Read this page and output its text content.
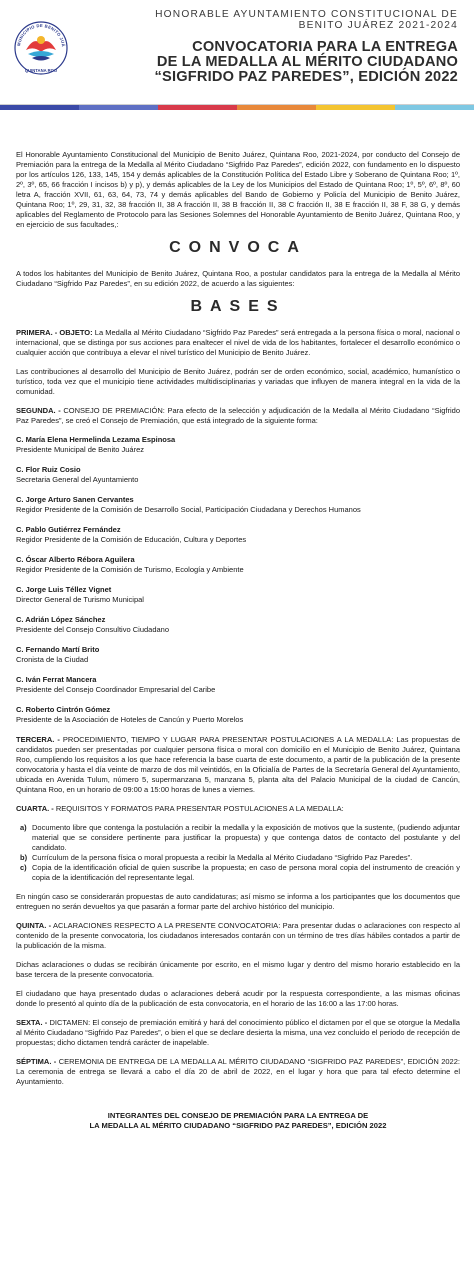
MUNICIPIO DE BENITO JUÁ
QUINTANA ROO
HONORABLE AYUNTAMIENTO CONSTITUCIONAL DE
BENITO JUÁREZ 2021-2024
CONVOCATORIA PARA LA ENTREGA
DE LA MEDALLA AL MÉRITO CIUDADANO
“SIGFRIDO PAZ PAREDES”, EDICIÓN 2022

El Honorable Ayuntamiento Constitucional del Municipio de Benito Juárez, Quintana Roo, 2021-2024, por conducto del Consejo de Premiación para la entrega de la Medalla al Mérito Ciudadano “Sigfrido Paz Paredes”, edición 2022, con fundamento en lo dispuesto por los artículos 126, 133, 145, 154 y demás aplicables de la Constitución Política del Estado Libre y Soberano de Quintana Roo; 1º, 2º, 3º, 65, 66 fracción I incisos b) y p), y demás aplicables de la Ley de los Municipios del Estado de Quintana Roo; 1º, 5º, 6º, 8º, 60 letra A, fracción XVII, 61, 63, 64, 73, 74 y demás aplicables del Bando de Gobierno y Policía del Municipio de Benito Juárez, Quintana Roo; 1º, 29, 31, 32, 38 fracción II, 38 A fracción II, 38 B fracción II, 38 C fracción II, 38 E fracción II, 38 F, 38 G, y demás aplicables del Reglamento de Protocolo para las Sesiones Solemnes del Honorable Ayuntamiento de Benito Juárez, Quintana Roo, y en ejercicio de sus facultades,:

CONVOCA

A todos los habitantes del Municipio de Benito Juárez, Quintana Roo, a postular candidatos para la entrega de la Medalla al Mérito Ciudadano “Sigfrido Paz Paredes”, en su edición 2022, de acuerdo a las siguientes:

BASES

PRIMERA. - OBJETO: La Medalla al Mérito Ciudadano “Sigfrido Paz Paredes” será entregada a la persona física o moral, nacional o internacional, que se distinga por sus acciones para enaltecer el nivel de vida de los habitantes, fortalecer el desarrollo económico o cualquier acción que contribuya a elevar el nivel turístico del Municipio de Benito Juárez.

Las contribuciones al desarrollo del Municipio de Benito Juárez, podrán ser de orden económico, social, académico, humanístico o turístico, toda vez que el municipio tiene actividades multidisciplinarias y variadas que influyen de manera integral en la vida de la comunidad.

SEGUNDA. - CONSEJO DE PREMIACIÓN: Para efecto de la selección y adjudicación de la Medalla al Mérito Ciudadano “Sigfrido Paz Paredes”, se creó el Consejo de Premiación, que está integrado de la siguiente forma:

C. María Elena Hermelinda Lezama Espinosa
Presidente Municipal de Benito Juárez
C. Flor Ruiz Cosio
Secretaria General del Ayuntamiento
C. Jorge Arturo Sanen Cervantes
Regidor Presidente de la Comisión de Desarrollo Social, Participación Ciudadana y Derechos Humanos
C. Pablo Gutiérrez Fernández
Regidor Presidente de la Comisión de Educación, Cultura y Deportes
C. Óscar Alberto Rébora Aguilera
Regidor Presidente de la Comisión de Turismo, Ecología y Ambiente
C. Jorge Luis Téllez Vignet
Director General de Turismo Municipal
C. Adrián López Sánchez
Presidente del Consejo Consultivo Ciudadano
C. Fernando Martí Brito
Cronista de la Ciudad
C. Iván Ferrat Mancera
Presidente del Consejo Coordinador Empresarial del Caribe
C. Roberto Cintrón Gómez
Presidente de la Asociación de Hoteles de Cancún y Puerto Morelos

TERCERA. - PROCEDIMIENTO, TIEMPO Y LUGAR PARA PRESENTAR POSTULACIONES A LA MEDALLA: Las propuestas de candidatos pueden ser presentadas por cualquier persona física o moral con domicilio en el Municipio de Benito Juárez, Quintana Roo, cumpliendo los requisitos a los que hace referencia la base cuarta de este documento, a partir de la publicación de la presente convocatoria y hasta el día veinte de marzo de dos mil veintidós, en la Oficialía de Partes de la Secretaría General del Ayuntamiento, ubicada en Avenida Tulum, número 5, supermanzana 5, manzana 5, planta alta del Palacio Municipal de la ciudad de Cancún, Quintana Roo, en un horario de 09:00 a 15:00 horas de lunes a viernes.

CUARTA. - REQUISITOS Y FORMATOS PARA PRESENTAR POSTULACIONES A LA MEDALLA:

a) Documento libre que contenga la postulación a recibir la medalla y la exposición de motivos que la sustente, (pudiendo adjuntar material que se considere pertinente para justificar la propuesta) y que contenga datos de contacto del postulante y del candidato.
b) Currículum de la persona física o moral propuesta a recibir la Medalla al Mérito Ciudadano “Sigfrido Paz Paredes”.
c) Copia de la identificación oficial de quien suscribe la propuesta; en caso de persona moral copia del instrumento de creación y copia de la identificación del representante legal.

En ningún caso se considerarán propuestas de auto candidaturas; así mismo se informa a los participantes que los documentos que entreguen no serán devueltos ya que pasarán a formar parte del archivo histórico del municipio.

QUINTA. - ACLARACIONES RESPECTO A LA PRESENTE CONVOCATORIA: Para presentar dudas o aclaraciones con respecto al contenido de la presente convocatoria, los ciudadanos interesados contarán con un término de tres días hábiles contados a partir de la publicación de la misma.

Dichas aclaraciones o dudas se recibirán únicamente por escrito, en el mismo lugar y dentro del mismo horario establecido en la base tercera de la presente convocatoria.

El ciudadano que haya presentado dudas o aclaraciones deberá acudir por la respuesta correspondiente, a las mismas oficinas donde lo presentó al quinto día de la publicación de esta convocatoria, en el horario de las 16:00 a las 17:00 horas.

SEXTA. - DICTAMEN: El consejo de premiación emitirá y hará del conocimiento público el dictamen por el que se otorgue la Medalla al Mérito Ciudadano “Sigfrido Paz Paredes”, o bien el que se declare desierta la misma, una vez concluido el periodo de recepción de propuestas; dicho dictamen tendrá carácter de inapelable.

SÉPTIMA. - CEREMONIA DE ENTREGA DE LA MEDALLA AL MÉRITO CIUDADANO “SIGFRIDO PAZ PAREDES”, EDICIÓN 2022: La ceremonia de entrega se llevará a cabo el día 20 de abril de 2022, en el lugar y hora que para tal efecto determine el Ayuntamiento.

INTEGRANTES DEL CONSEJO DE PREMIACIÓN PARA LA ENTREGA DE
LA MEDALLA AL MÉRITO CIUDADANO “SIGFRIDO PAZ PAREDES”, EDICIÓN 2022
